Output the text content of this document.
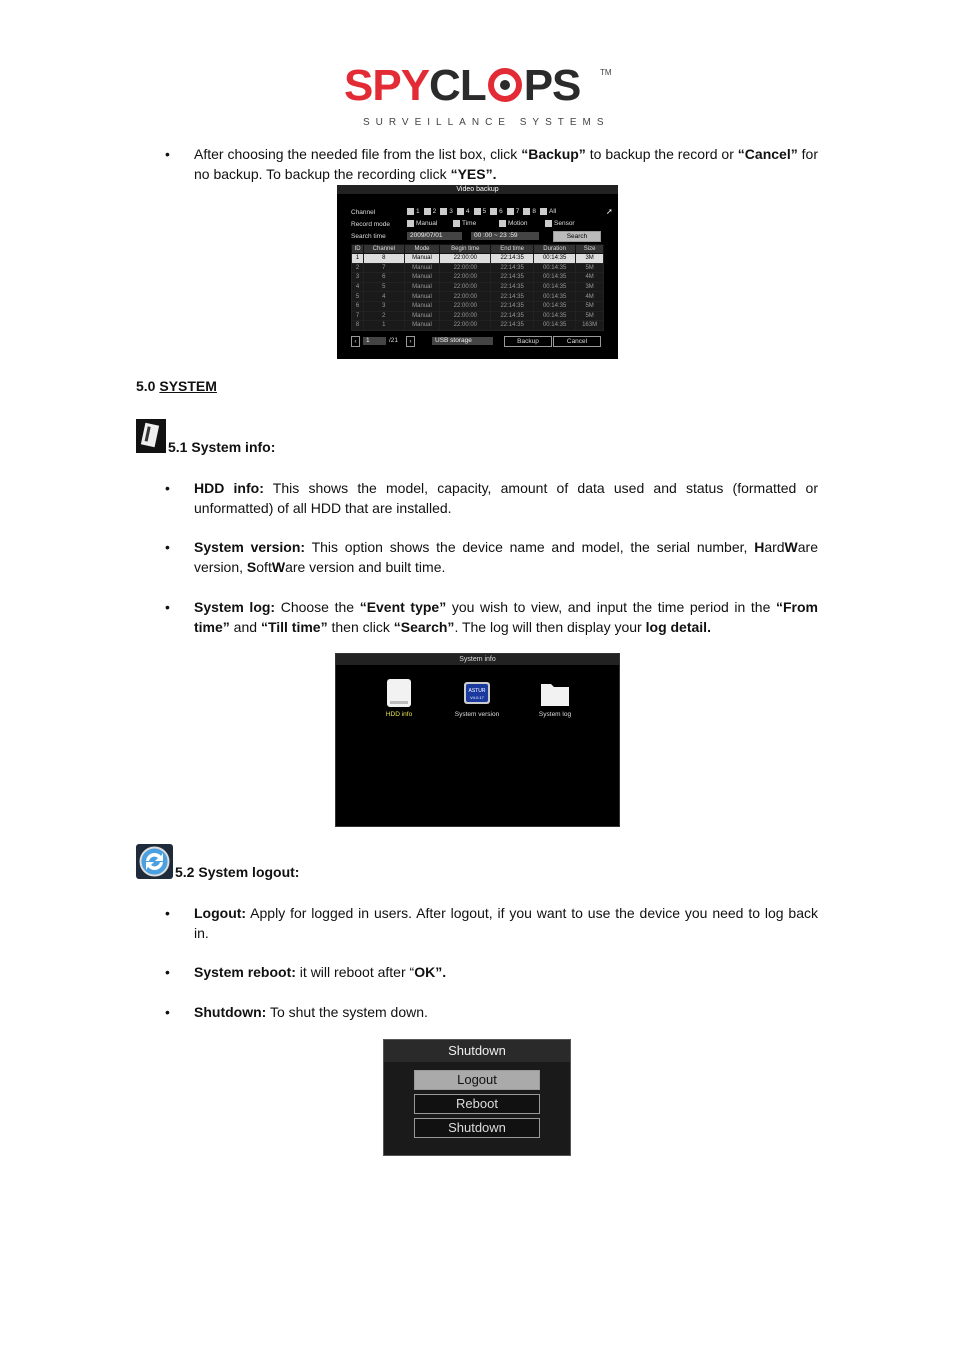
SPYCL PS TM
SURVEILLANCE SYSTEMS
• After choosing the needed file from the list box, click “Backup” to backup the record or “Cancel” for no backup. To backup the recording click “YES”.
Video backup
Channel	1 2 3 4 5 6 7 8 All
Record mode	Manual	Time	Motion	Sensor
Search time	2009/07/01	00 :00 ~ 23 :59	Search
➚
ID	Channel	Mode	Begin time	End time	Duration	Size
1	8	Manual	22:00:00	22:14:35	00:14:35	3M
2	7	Manual	22:00:00	22:14:35	00:14:35	5M
3	6	Manual	22:00:00	22:14:35	00:14:35	4M
4	5	Manual	22:00:00	22:14:35	00:14:35	3M
5	4	Manual	22:00:00	22:14:35	00:14:35	4M
6	3	Manual	22:00:00	22:14:35	00:14:35	5M
7	2	Manual	22:00:00	22:14:35	00:14:35	5M
8	1	Manual	22:00:00	22:14:35	00:14:35	163M
‹	1	/21	›	USB storage	Backup	Cancel
5.0 SYSTEM
5.1 System info:
• HDD info: This shows the model, capacity, amount of data used and status (formatted or unformatted) of all HDD that are installed.
• System version: This option shows the device name and model, the serial number, HardWare version, SoftWare version and built time.
• System log: Choose the “Event type” you wish to view, and input the time period in the “From time” and “Till time” then click “Search”. The log will then display your log detail.
System info
HDD info
ASTUR
V4.0.17
System version	System log
5.2 System logout:
• Logout: Apply for logged in users. After logout, if you want to use the device you need to log back in.
• System reboot: it will reboot after “OK”.
• Shutdown: To shut the system down.
Shutdown
Logout
Reboot
Shutdown
